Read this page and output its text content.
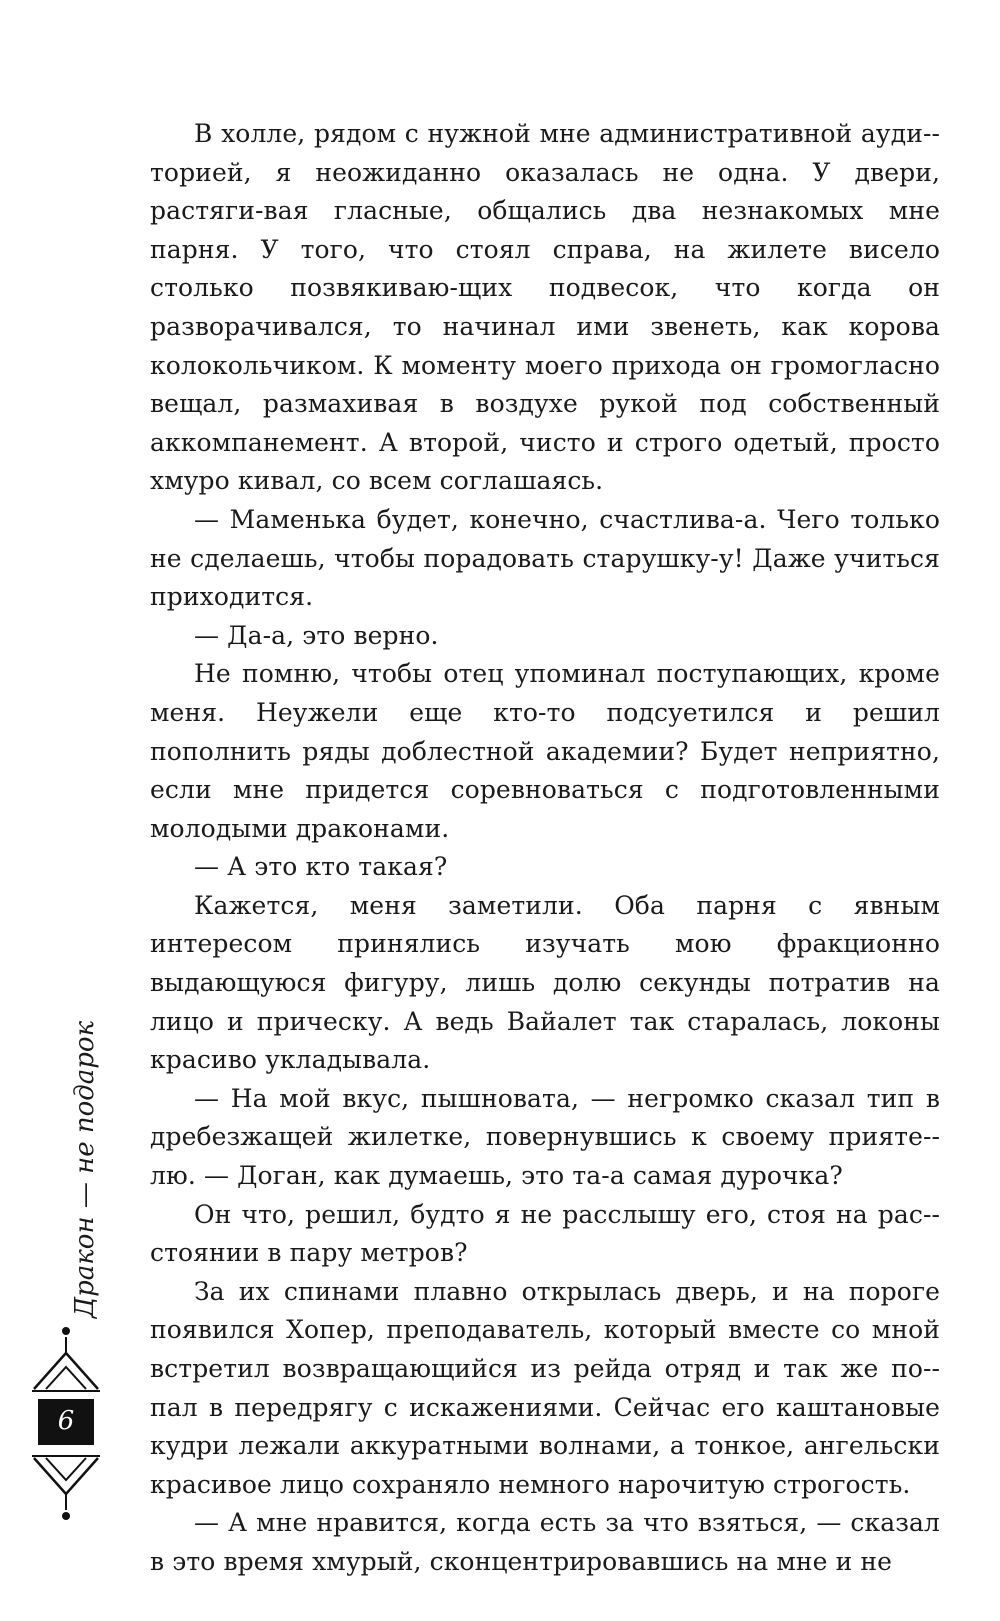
В холле, рядом с нужной мне административной ауди-торией, я неожиданно оказалась не одна. У двери, растяги-вая гласные, общались два незнакомых мне парня. У того, что стоял справа, на жилете висело столько позвякиваю-щих подвесок, что когда он разворачивался, то начинал ими звенеть, как корова колокольчиком. К моменту моего прихода он громогласно вещал, размахивая в воздухе рукой под собственный аккомпанемент. А второй, чисто и строго одетый, просто хмуро кивал, со всем соглашаясь.

— Маменька будет, конечно, счастлива-а. Чего только не сделаешь, чтобы порадовать старушку-у! Даже учиться приходится.

— Да-а, это верно.

Не помню, чтобы отец упоминал поступающих, кроме меня. Неужели еще кто-то подсуетился и решил пополнить ряды доблестной академии? Будет неприятно, если мне придется соревноваться с подготовленными молодыми драконами.

— А это кто такая?

Кажется, меня заметили. Оба парня с явным интересом принялись изучать мою фракционно выдающуюся фигуру, лишь долю секунды потратив на лицо и прическу. А ведь Вайалет так старалась, локоны красиво укладывала.

— На мой вкус, пышновата, — негромко сказал тип в дребезжащей жилетке, повернувшись к своему прияте-лю. — Доган, как думаешь, это та-а самая дурочка?

Он что, решил, будто я не расслышу его, стоя на рас-стоянии в пару метров?

За их спинами плавно открылась дверь, и на пороге появился Хопер, преподаватель, который вместе со мной встретил возвращающийся из рейда отряд и так же по-пал в передрягу с искажениями. Сейчас его каштановые кудри лежали аккуратными волнами, а тонкое, ангельски красивое лицо сохраняло немного нарочитую строгость.

— А мне нравится, когда есть за что взяться, — сказал в это время хмурый, сконцентрировавшись на мне и не

Дракон — не подарок
6
